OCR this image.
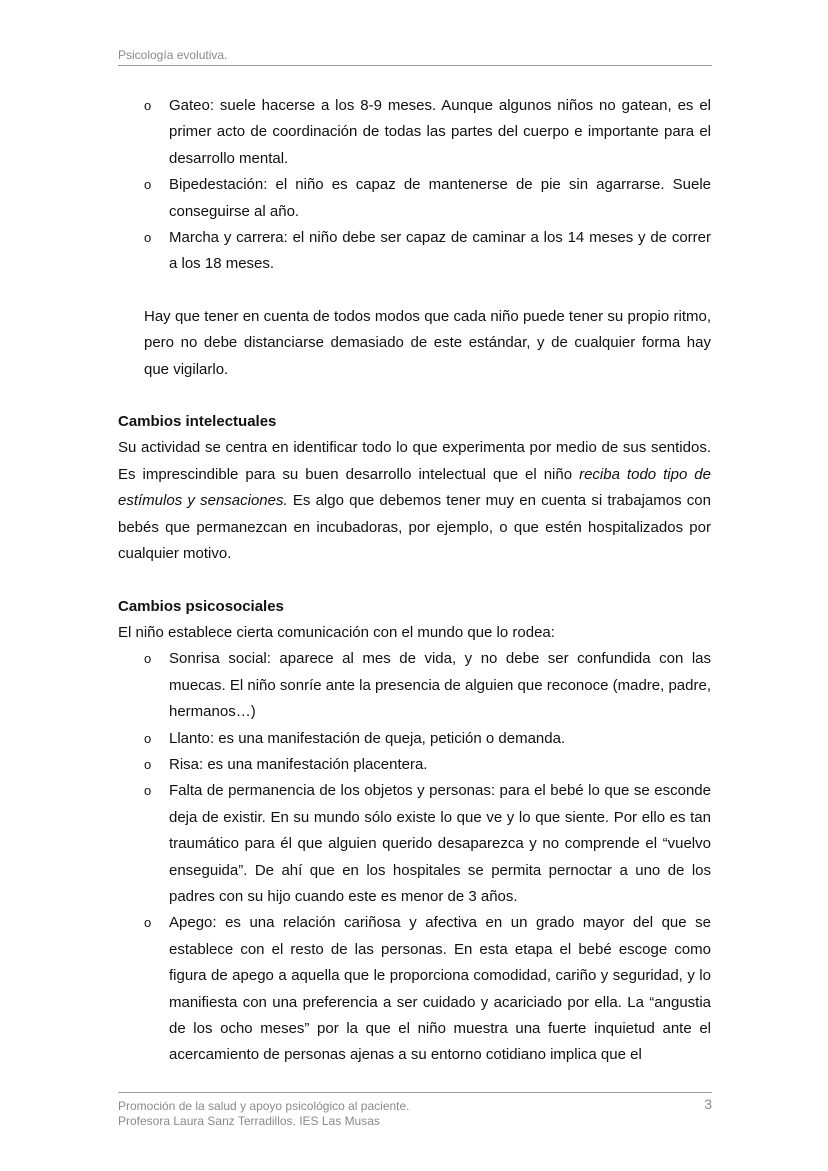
Psicología evolutiva.
o Gateo: suele hacerse a los 8-9 meses. Aunque algunos niños no gatean, es el primer acto de coordinación de todas las partes del cuerpo e importante para el desarrollo mental.
o Bipedestación: el niño es capaz de mantenerse de pie sin agarrarse. Suele conseguirse al año.
o Marcha y carrera: el niño debe ser capaz de caminar a los 14 meses y de correr a los 18 meses.

Hay que tener en cuenta de todos modos que cada niño puede tener su propio ritmo, pero no debe distanciarse demasiado de este estándar, y de cualquier forma hay que vigilarlo.

Cambios intelectuales

Su actividad se centra en identificar todo lo que experimenta por medio de sus sentidos. Es imprescindible para su buen desarrollo intelectual que el niño reciba todo tipo de estímulos y sensaciones. Es algo que debemos tener muy en cuenta si trabajamos con bebés que permanezcan en incubadoras, por ejemplo, o que estén hospitalizados por cualquier motivo.

Cambios psicosociales

El niño establece cierta comunicación con el mundo que lo rodea:

o Sonrisa social: aparece al mes de vida, y no debe ser confundida con las muecas. El niño sonríe ante la presencia de alguien que reconoce (madre, padre, hermanos…)
o Llanto: es una manifestación de queja, petición o demanda.
o Risa: es una manifestación placentera.
o Falta de permanencia de los objetos y personas: para el bebé lo que se esconde deja de existir. En su mundo sólo existe lo que ve y lo que siente. Por ello es tan traumático para él que alguien querido desaparezca y no comprende el “vuelvo enseguida”. De ahí que en los hospitales se permita pernoctar a uno de los padres con su hijo cuando este es menor de 3 años.
o Apego: es una relación cariñosa y afectiva en un grado mayor del que se establece con el resto de las personas. En esta etapa el bebé escoge como figura de apego a aquella que le proporciona comodidad, cariño y seguridad, y lo manifiesta con una preferencia a ser cuidado y acariciado por ella. La “angustia de los ocho meses” por la que el niño muestra una fuerte inquietud ante el acercamiento de personas ajenas a su entorno cotidiano implica que el
Promoción de la salud y apoyo psicológico al paciente.
Profesora Laura Sanz Terradillos. IES Las Musas
3
